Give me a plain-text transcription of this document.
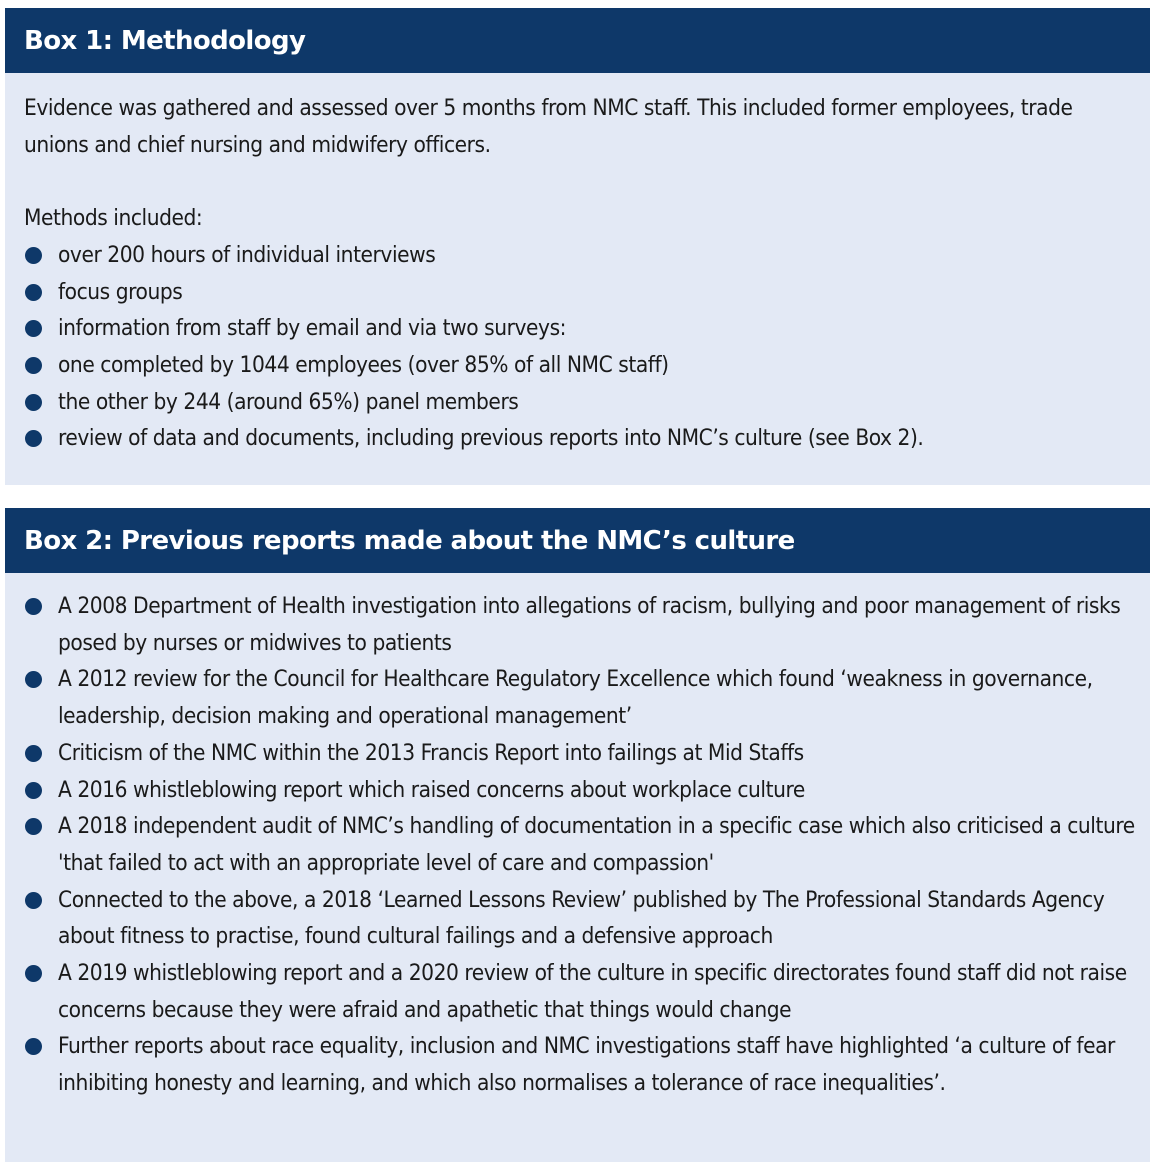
Box 1: Methodology

Evidence was gathered and assessed over 5 months from NMC staff. This included former employees, trade unions and chief nursing and midwifery officers.

Methods included:

over 200 hours of individual interviews
focus groups
information from staff by email and via two surveys:
one completed by 1044 employees (over 85% of all NMC staff)
the other by 244 (around 65%) panel members
review of data and documents, including previous reports into NMC’s culture (see Box 2).
Box 2: Previous reports made about the NMC’s culture
A 2008 Department of Health investigation into allegations of racism, bullying and poor management of risks posed by nurses or midwives to patients
A 2012 review for the Council for Healthcare Regulatory Excellence which found ‘weakness in governance, leadership, decision making and operational management’
Criticism of the NMC within the 2013 Francis Report into failings at Mid Staffs
A 2016 whistleblowing report which raised concerns about workplace culture
A 2018 independent audit of NMC’s handling of documentation in a specific case which also criticised a culture 'that failed to act with an appropriate level of care and compassion'
Connected to the above, a 2018 ‘Learned Lessons Review’ published by The Professional Standards Agency about fitness to practise, found cultural failings and a defensive approach
A 2019 whistleblowing report and a 2020 review of the culture in specific directorates found staff did not raise concerns because they were afraid and apathetic that things would change
Further reports about race equality, inclusion and NMC investigations staff have highlighted ‘a culture of fear inhibiting honesty and learning, and which also normalises a tolerance of race inequalities’.
